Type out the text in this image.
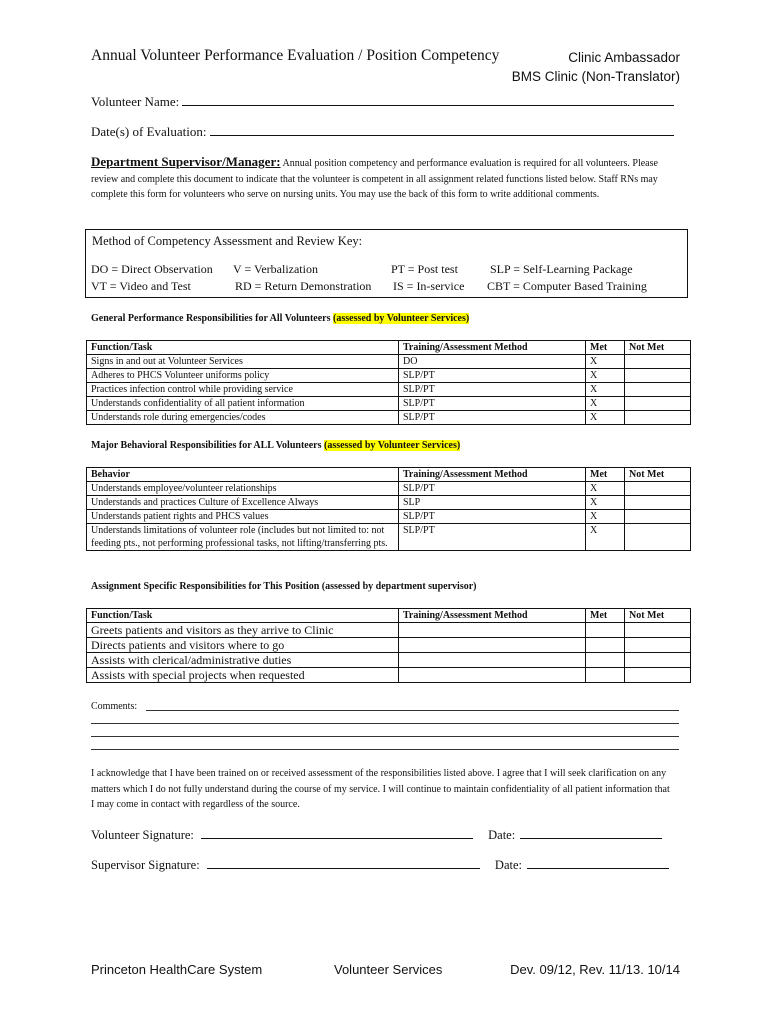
Annual Volunteer Performance Evaluation / Position Competency	Clinic Ambassador
BMS Clinic (Non-Translator)
Volunteer Name:
Date(s) of Evaluation:
Department Supervisor/Manager: Annual position competency and performance evaluation is required for all volunteers. Please review and complete this document to indicate that the volunteer is competent in all assignment related functions listed below. Staff RNs may complete this form for volunteers who serve on nursing units. You may use the back of this form to write additional comments.
Method of Competency Assessment and Review Key:
DO = Direct Observation V = Verbalization	PT = Post test	SLP = Self-Learning Package
VT = Video and Test	RD = Return Demonstration IS = In-service CBT = Computer Based Training
General Performance Responsibilities for All Volunteers (assessed by Volunteer Services)
Function/Task	Training/Assessment Method	Met	Not Met
Signs in and out at Volunteer Services	DO	X	
Adheres to PHCS Volunteer uniforms policy	SLP/PT	X	
Practices infection control while providing service	SLP/PT	X	
Understands confidentiality of all patient information	SLP/PT	X	
Understands role during emergencies/codes	SLP/PT	X	
Major Behavioral Responsibilities for ALL Volunteers (assessed by Volunteer Services)
Behavior	Training/Assessment Method	Met	Not Met
Understands employee/volunteer relationships	SLP/PT	X	
Understands and practices Culture of Excellence Always	SLP	X	
Understands patient rights and PHCS values	SLP/PT	X	
Understands limitations of volunteer role (includes but not limited to: not feeding pts., not performing professional tasks, not lifting/transferring pts.	SLP/PT	X	
Assignment Specific Responsibilities for This Position (assessed by department supervisor)
Function/Task	Training/Assessment Method	Met	Not Met
Greets patients and visitors as they arrive to Clinic			
Directs patients and visitors where to go			
Assists with clerical/administrative duties			
Assists with special projects when requested			
Comments:
I acknowledge that I have been trained on or received assessment of the responsibilities listed above. I agree that I will seek clarification on any matters which I do not fully understand during the course of my service. I will continue to maintain confidentiality of all patient information that I may come in contact with regardless of the source.
Volunteer Signature:	Date:
Supervisor Signature:	Date:
Princeton HealthCare System	Volunteer Services	Dev. 09/12, Rev. 11/13. 10/14
